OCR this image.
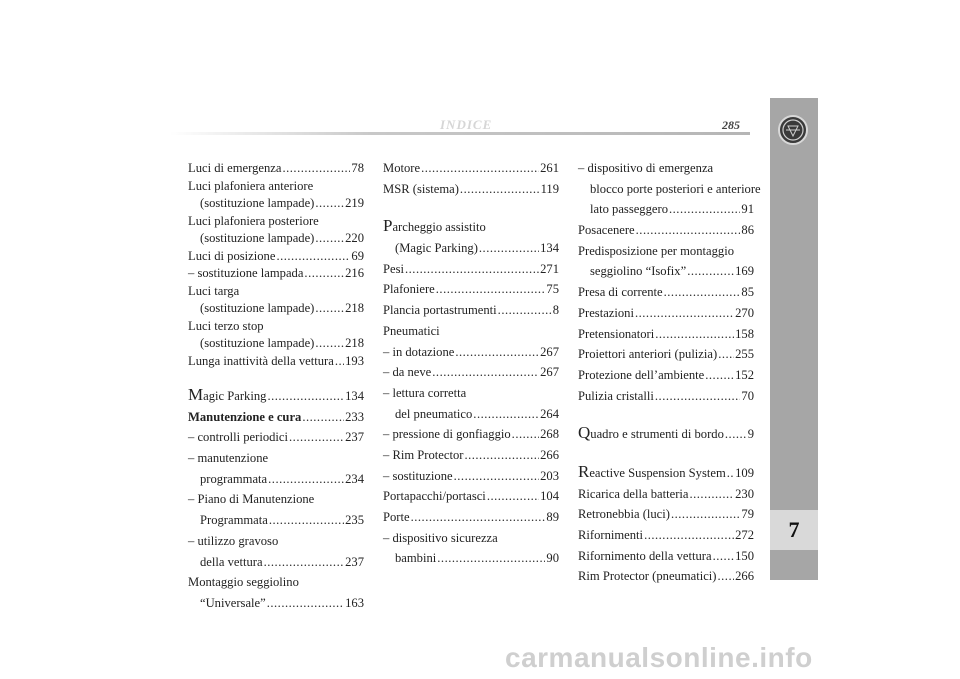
INDICE	285
7
Luci di emergenza .....	78
Luci plafoniera anteriore
(sostituzione lampade) ..... 219
Luci plafoniera posteriore
(sostituzione lampade) ..... 220
Luci di posizione .....	69
– sostituzione lampada .....	216
Luci targa
(sostituzione lampade) ..... 218
Luci terzo stop
(sostituzione lampade) ..... 218
Lunga inattività della vettura ..... 193
Magic Parking .....	134
Manutenzione e cura .....	233
– controlli periodici .....	237
– manutenzione
programmata .....	234
– Piano di Manutenzione
Programmata .....	235
– utilizzo gravoso
della vettura .....	237
Montaggio seggiolino
“Universale” .....	163
Motore .....	261
MSR (sistema) .....	119
Parcheggio assistito
(Magic Parking) .....	134
Pesi .....	271
Plafoniere .....	75
Plancia portastrumenti .....	8
Pneumatici
– in dotazione .....	267
– da neve .....	267
– lettura corretta
del pneumatico .....	264
– pressione di gonfiaggio ..... 268
– Rim Protector .....	266
– sostituzione .....	203
Portapacchi/portasci .....	104
Porte .....	89
– dispositivo sicurezza
bambini .....	90
– dispositivo di emergenza
blocco porte posteriori e anteriore
lato passeggero .....	91
Posacenere .....	86
Predisposizione per montaggio
seggiolino “Isofix” .....	169
Presa di corrente .....	85
Prestazioni .....	270
Pretensionatori .....	158
Proiettori anteriori (pulizia) ..... 255
Protezione dell’ambiente ..... 152
Pulizia cristalli .....	70
Quadro e strumenti di bordo ..... 9
Reactive Suspension System ..... 109
Ricarica della batteria .....	230
Retronebbia (luci) .....	79
Rifornimenti .....	272
Rifornimento della vettura ..... 150
Rim Protector (pneumatici) ..... 266
carmanualsonline.info
